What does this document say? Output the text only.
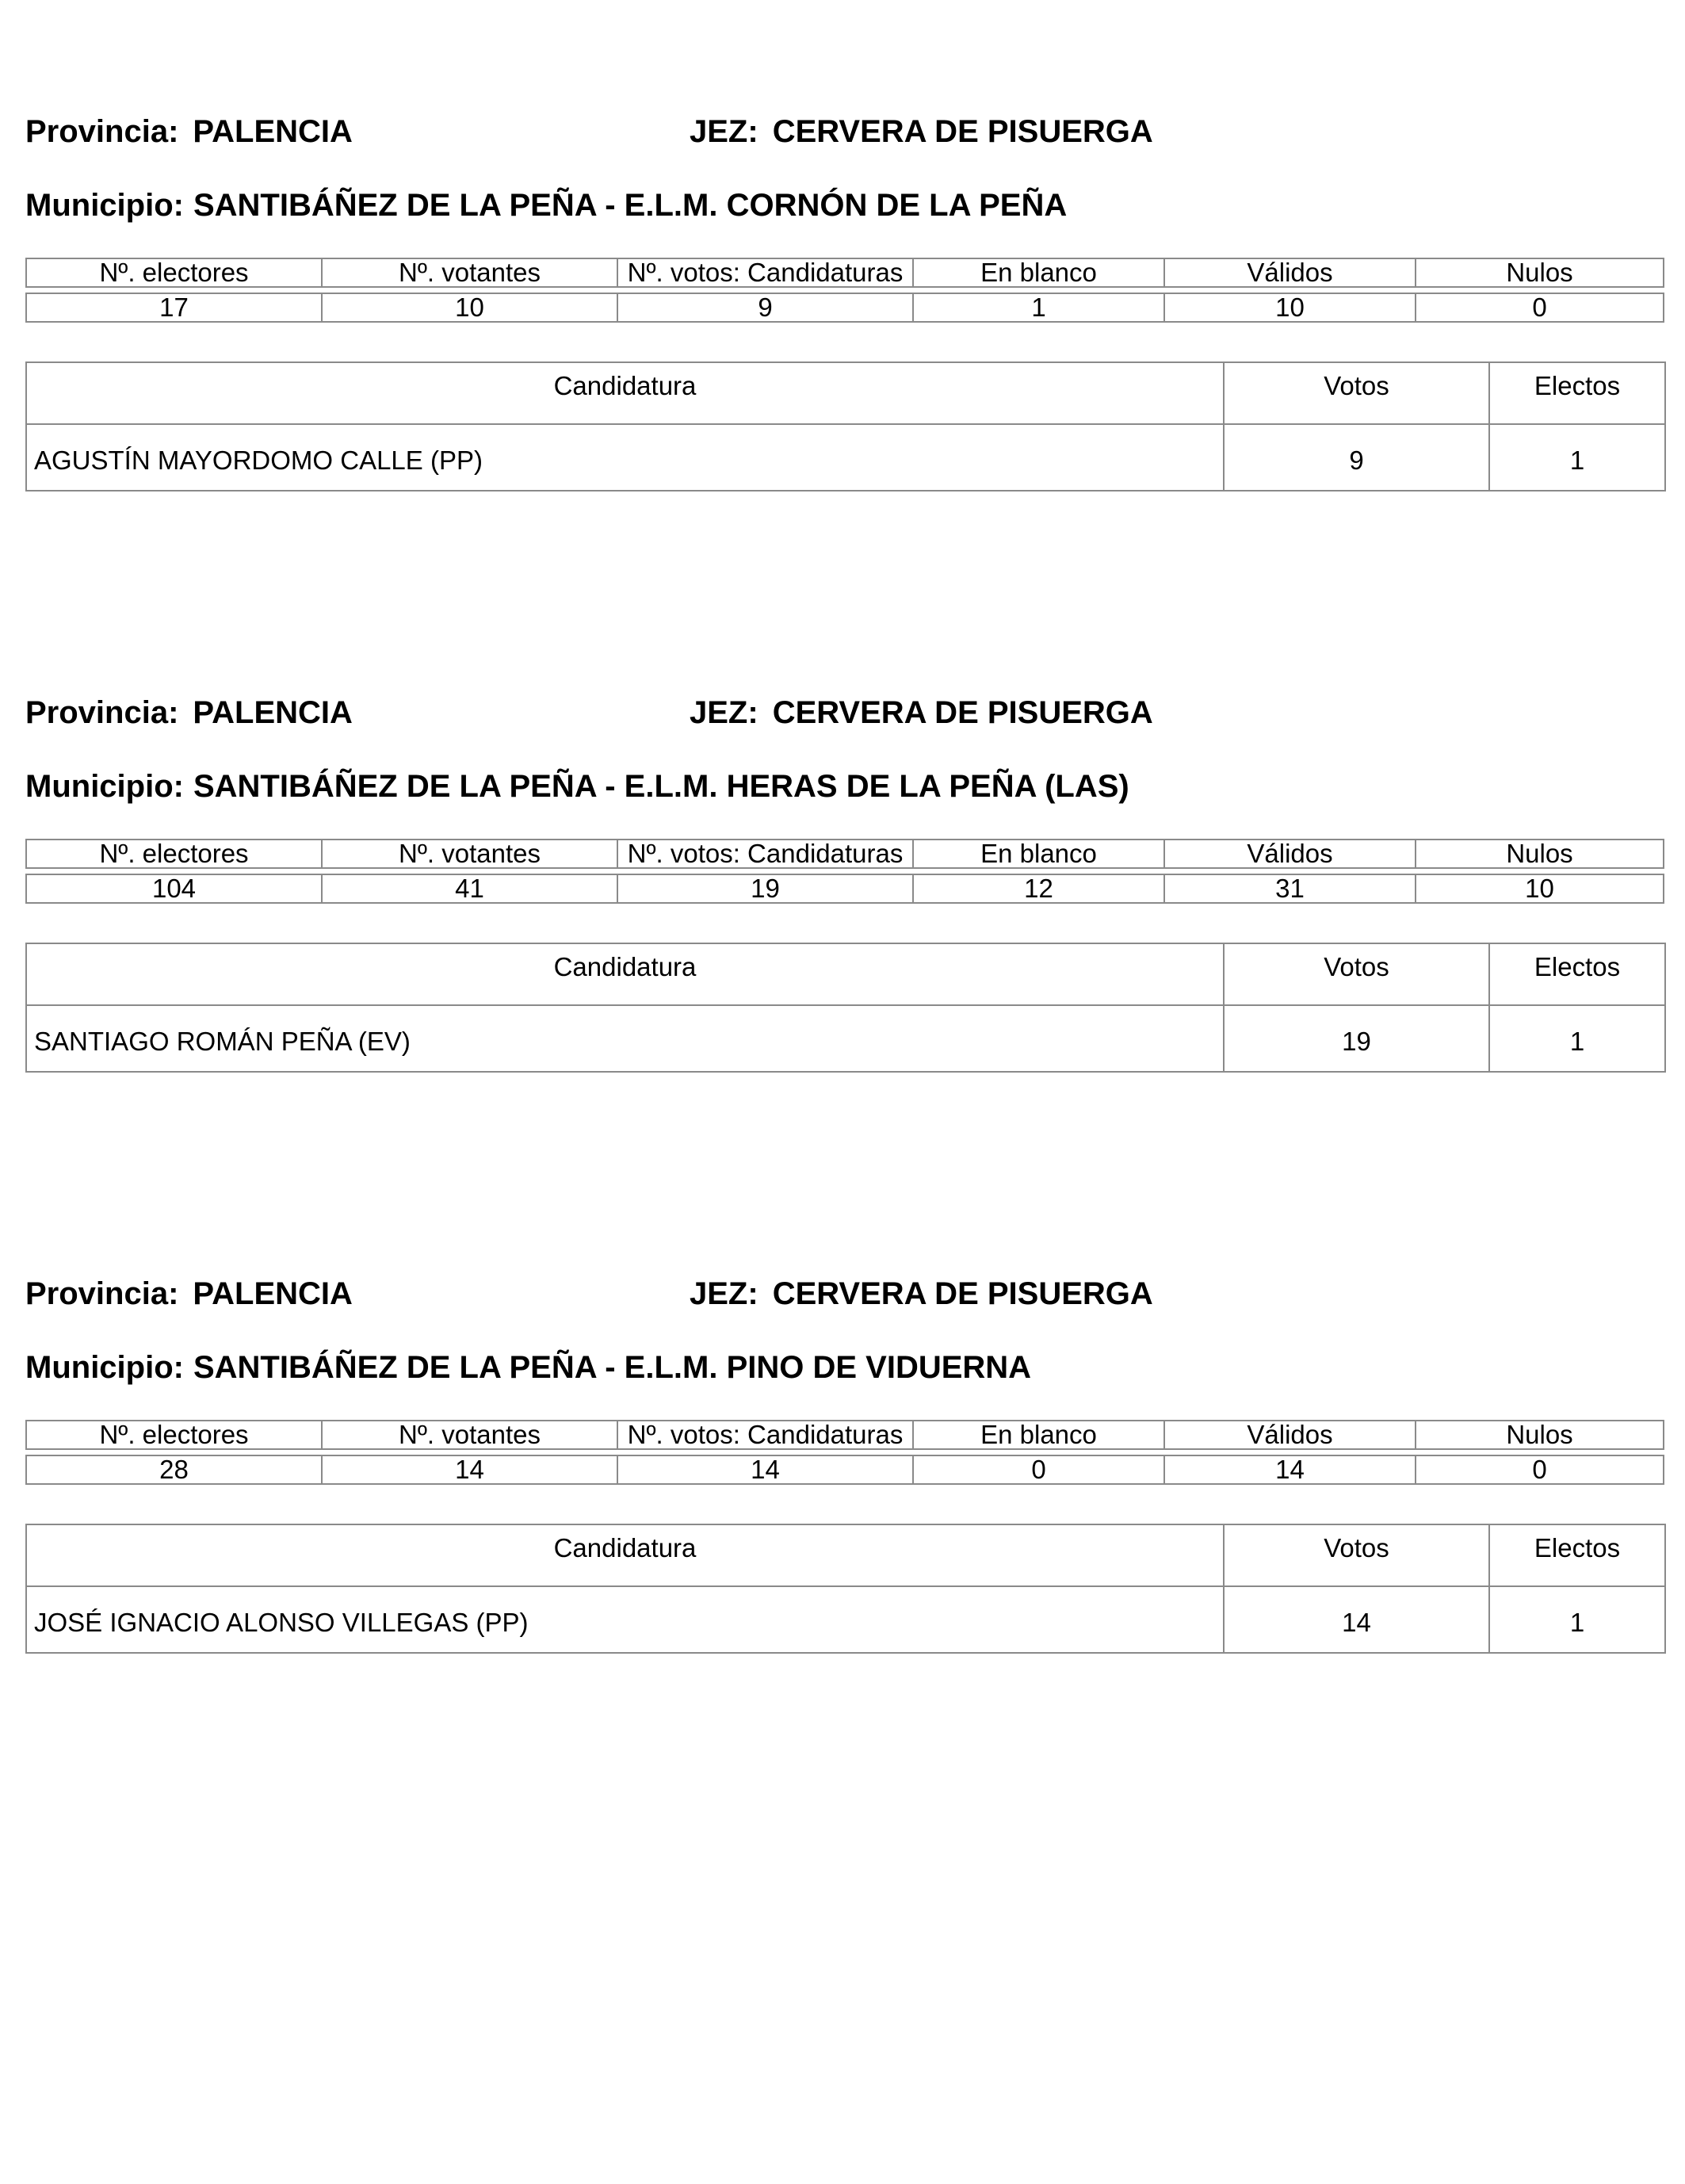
Provincia: PALENCIA	JEZ: CERVERA DE PISUERGA
Municipio: SANTIBÁÑEZ DE LA PEÑA - E.L.M. CORNÓN DE LA PEÑA
Nº. electores	Nº. votantes	Nº. votos: Candidaturas	En blanco	Válidos	Nulos
17	10	9	1	10	0
Candidatura	Votos	Electos
AGUSTÍN MAYORDOMO CALLE (PP)	9	1
Provincia: PALENCIA	JEZ: CERVERA DE PISUERGA
Municipio: SANTIBÁÑEZ DE LA PEÑA - E.L.M. HERAS DE LA PEÑA (LAS)
Nº. electores	Nº. votantes	Nº. votos: Candidaturas	En blanco	Válidos	Nulos
104	41	19	12	31	10
Candidatura	Votos	Electos
SANTIAGO ROMÁN PEÑA (EV)	19	1
Provincia: PALENCIA	JEZ: CERVERA DE PISUERGA
Municipio: SANTIBÁÑEZ DE LA PEÑA - E.L.M. PINO DE VIDUERNA
Nº. electores	Nº. votantes	Nº. votos: Candidaturas	En blanco	Válidos	Nulos
28	14	14	0	14	0
Candidatura	Votos	Electos
JOSÉ IGNACIO ALONSO VILLEGAS (PP)	14	1
